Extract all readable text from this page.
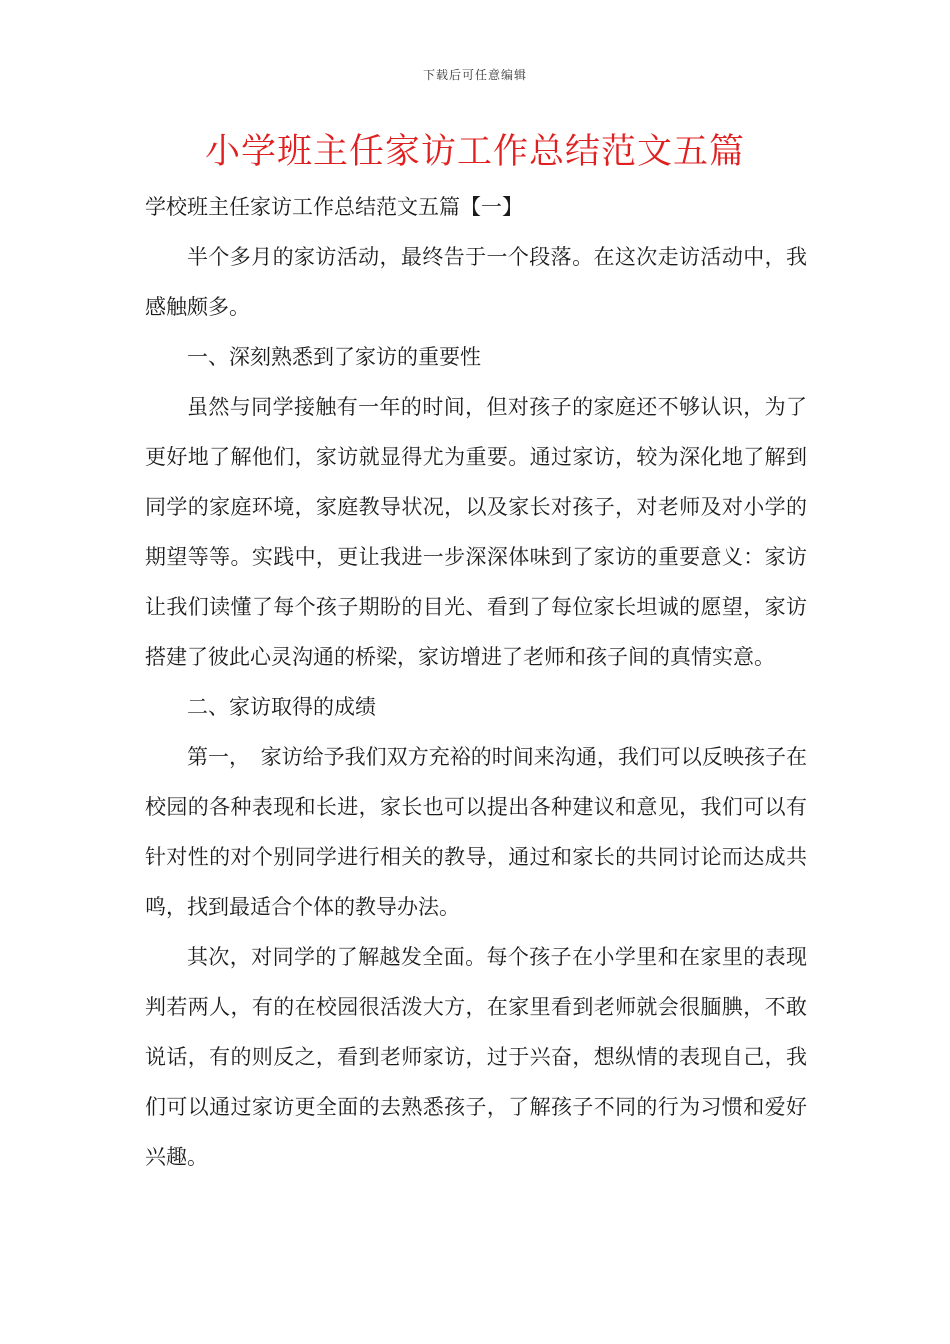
下载后可任意编辑
小学班主任家访工作总结范文五篇

学校班主任家访工作总结范文五篇【一】

半个多月的家访活动，最终告于一个段落。在这次走访活动中，我感触颇多。

一、深刻熟悉到了家访的重要性

虽然与同学接触有一年的时间，但对孩子的家庭还不够认识，为了更好地了解他们，家访就显得尤为重要。通过家访，较为深化地了解到同学的家庭环境，家庭教导状况，以及家长对孩子，对老师及对小学的期望等等。实践中，更让我进一步深深体味到了家访的重要意义：家访让我们读懂了每个孩子期盼的目光、看到了每位家长坦诚的愿望，家访搭建了彼此心灵沟通的桥梁，家访增进了老师和孩子间的真情实意。

二、家访取得的成绩

第一，　家访给予我们双方充裕的时间来沟通，我们可以反映孩子在校园的各种表现和长进，家长也可以提出各种建议和意见，我们可以有针对性的对个别同学进行相关的教导，通过和家长的共同讨论而达成共鸣，找到最适合个体的教导办法。

其次，对同学的了解越发全面。每个孩子在小学里和在家里的表现判若两人，有的在校园很活泼大方，在家里看到老师就会很腼腆，不敢说话，有的则反之，看到老师家访，过于兴奋，想纵情的表现自己，我们可以通过家访更全面的去熟悉孩子，了解孩子不同的行为习惯和爱好兴趣。
